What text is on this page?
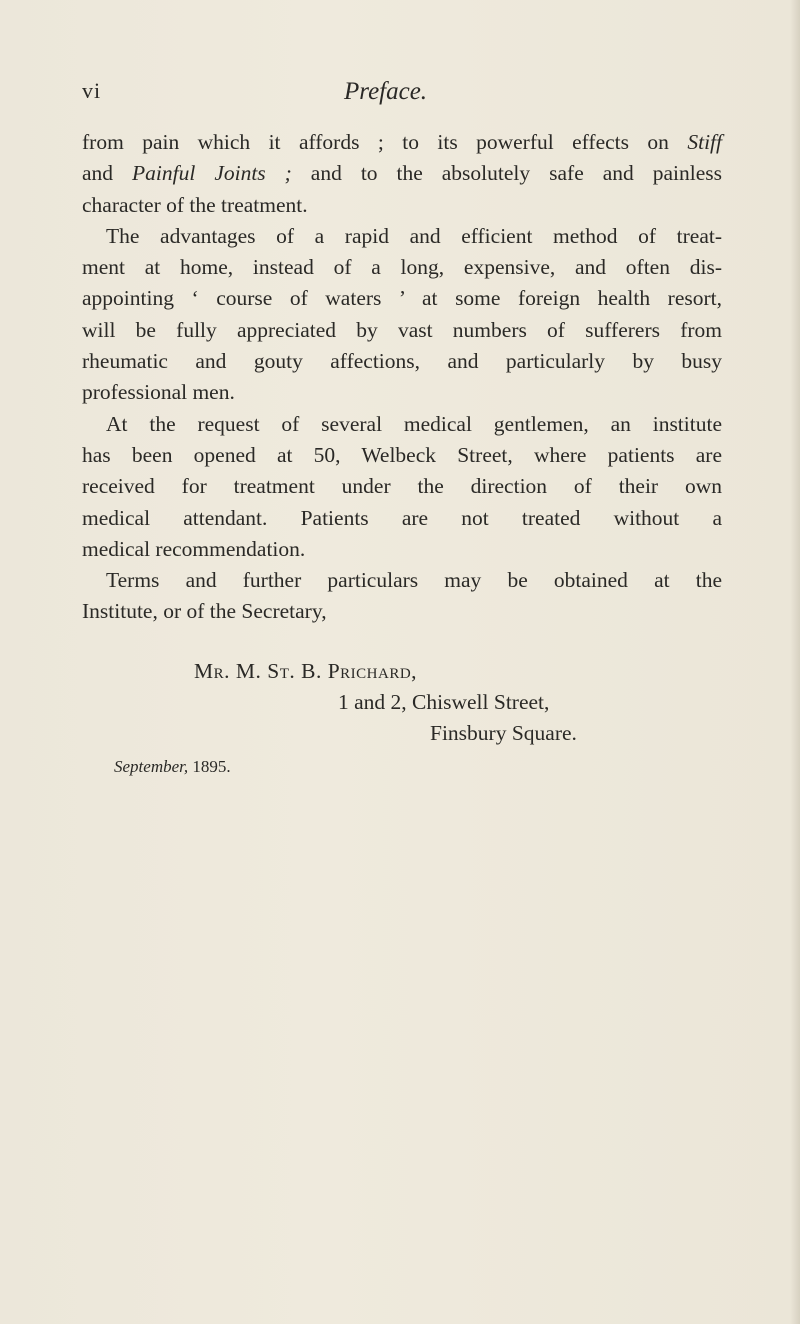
vi	Preface.
from pain which it affords ; to its powerful effects on Stiff
and Painful Joints ; and to the absolutely safe and painless
character of the treatment.
The advantages of a rapid and efficient method of treat-
ment at home, instead of a long, expensive, and often dis-
appointing ‘ course of waters ’ at some foreign health resort,
will be fully appreciated by vast numbers of sufferers from
rheumatic and gouty affections, and particularly by busy
professional men.
At the request of several medical gentlemen, an institute
has been opened at 50, Welbeck Street, where patients are
received for treatment under the direction of their own
medical attendant. Patients are not treated without a
medical recommendation.
Terms and further particulars may be obtained at the
Institute, or of the Secretary,
Mr. M. St. B. Prichard,
1 and 2, Chiswell Street,
Finsbury Square.
September, 1895.
